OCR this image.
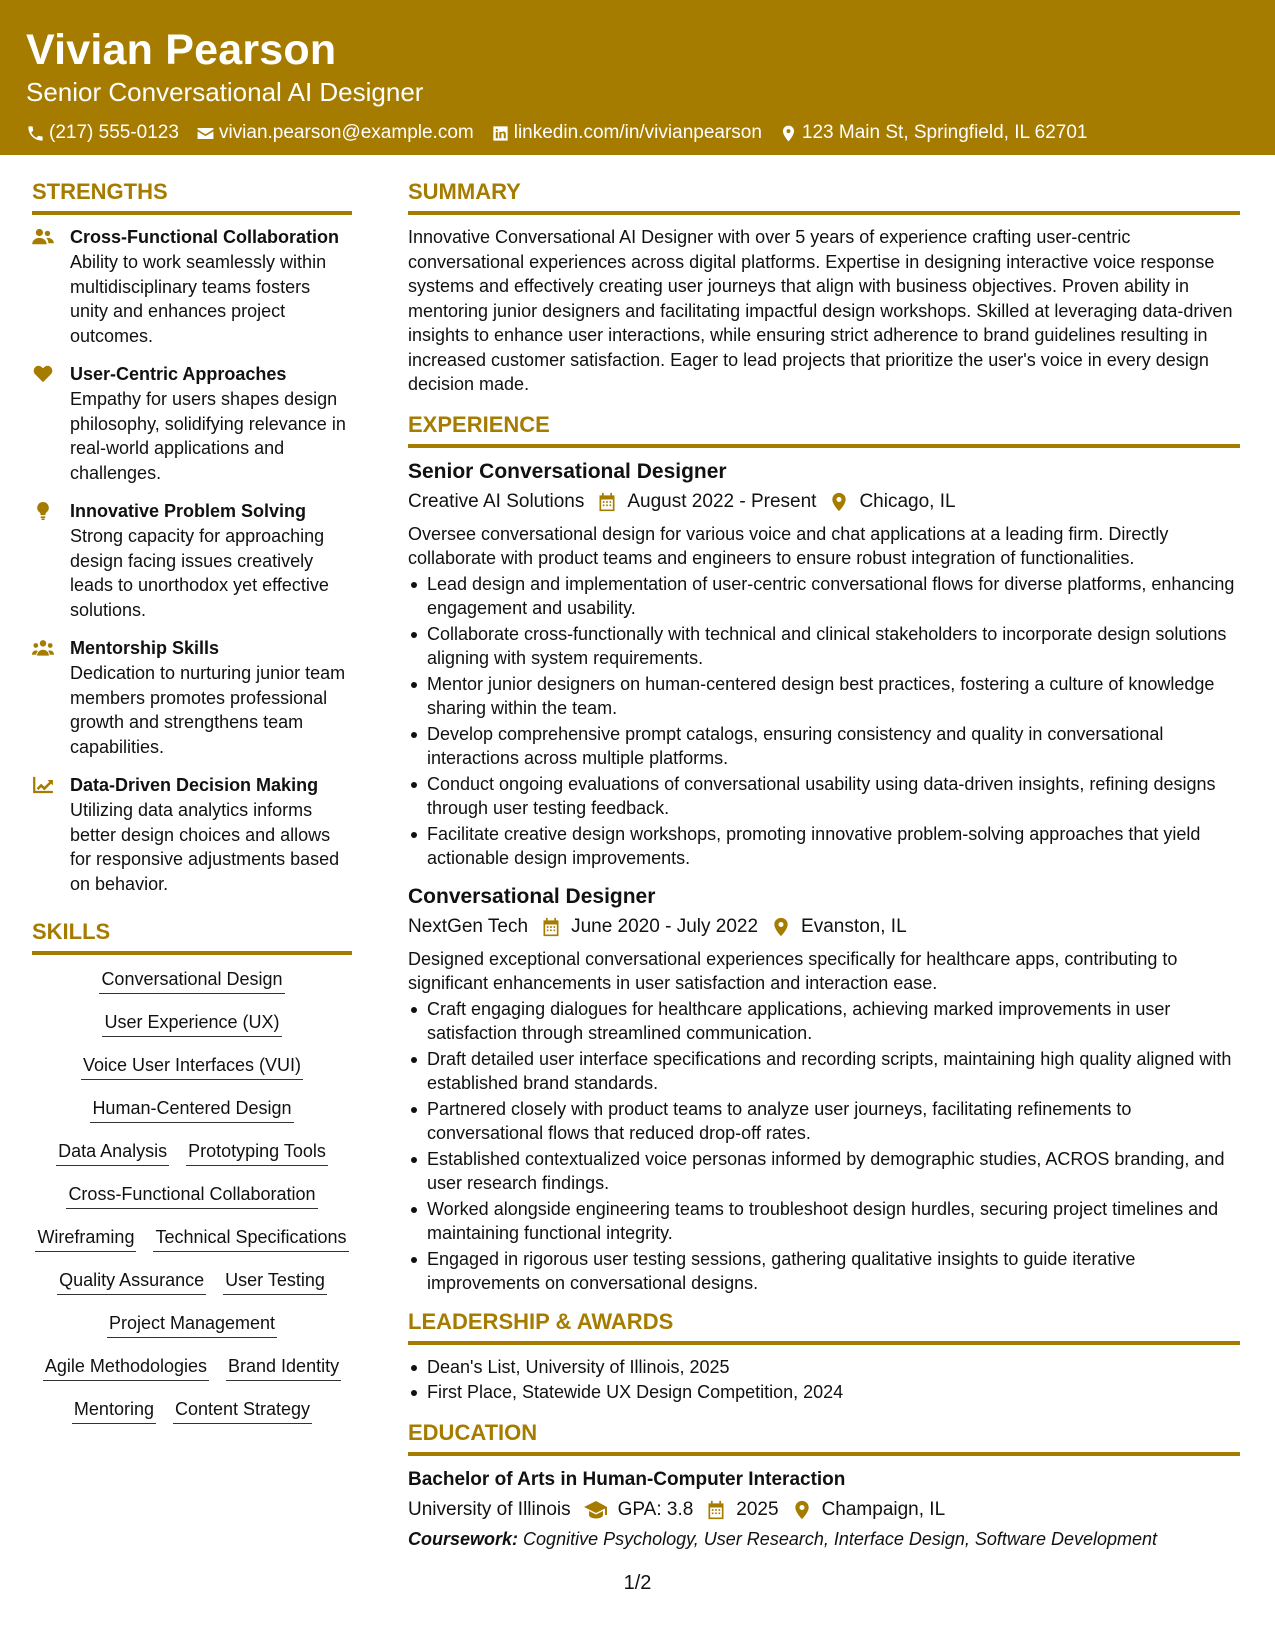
Vivian Pearson
Senior Conversational AI Designer
(217) 555-0123 vivian.pearson@example.com linkedin.com/in/vivianpearson 123 Main St, Springfield, IL 62701
STRENGTHS
Cross-Functional Collaboration
Ability to work seamlessly within multidisciplinary teams fosters unity and enhances project outcomes.
User-Centric Approaches
Empathy for users shapes design philosophy, solidifying relevance in real-world applications and challenges.
Innovative Problem Solving
Strong capacity for approaching design facing issues creatively leads to unorthodox yet effective solutions.
Mentorship Skills
Dedication to nurturing junior team members promotes professional growth and strengthens team capabilities.
Data-Driven Decision Making
Utilizing data analytics informs better design choices and allows for responsive adjustments based on behavior.
SKILLS
Conversational Design
User Experience (UX)
Voice User Interfaces (VUI)
Human-Centered Design
Data Analysis Prototyping Tools
Cross-Functional Collaboration
Wireframing Technical Specifications
Quality Assurance User Testing
Project Management
Agile Methodologies Brand Identity
Mentoring Content Strategy
SUMMARY
Innovative Conversational AI Designer with over 5 years of experience crafting user-centric conversational experiences across digital platforms. Expertise in designing interactive voice response systems and effectively creating user journeys that align with business objectives. Proven ability in mentoring junior designers and facilitating impactful design workshops. Skilled at leveraging data-driven insights to enhance user interactions, while ensuring strict adherence to brand guidelines resulting in increased customer satisfaction. Eager to lead projects that prioritize the user's voice in every design decision made.
EXPERIENCE
Senior Conversational Designer
Creative AI Solutions August 2022 - Present Chicago, IL
Oversee conversational design for various voice and chat applications at a leading firm. Directly collaborate with product teams and engineers to ensure robust integration of functionalities.
Lead design and implementation of user-centric conversational flows for diverse platforms, enhancing engagement and usability.
Collaborate cross-functionally with technical and clinical stakeholders to incorporate design solutions aligning with system requirements.
Mentor junior designers on human-centered design best practices, fostering a culture of knowledge sharing within the team.
Develop comprehensive prompt catalogs, ensuring consistency and quality in conversational interactions across multiple platforms.
Conduct ongoing evaluations of conversational usability using data-driven insights, refining designs through user testing feedback.
Facilitate creative design workshops, promoting innovative problem-solving approaches that yield actionable design improvements.
Conversational Designer
NextGen Tech June 2020 - July 2022 Evanston, IL
Designed exceptional conversational experiences specifically for healthcare apps, contributing to significant enhancements in user satisfaction and interaction ease.
Craft engaging dialogues for healthcare applications, achieving marked improvements in user satisfaction through streamlined communication.
Draft detailed user interface specifications and recording scripts, maintaining high quality aligned with established brand standards.
Partnered closely with product teams to analyze user journeys, facilitating refinements to conversational flows that reduced drop-off rates.
Established contextualized voice personas informed by demographic studies, ACROS branding, and user research findings.
Worked alongside engineering teams to troubleshoot design hurdles, securing project timelines and maintaining functional integrity.
Engaged in rigorous user testing sessions, gathering qualitative insights to guide iterative improvements on conversational designs.
LEADERSHIP & AWARDS
Dean's List, University of Illinois, 2025
First Place, Statewide UX Design Competition, 2024
EDUCATION
Bachelor of Arts in Human-Computer Interaction
University of Illinois GPA: 3.8 2025 Champaign, IL
Coursework: Cognitive Psychology, User Research, Interface Design, Software Development
1/2
